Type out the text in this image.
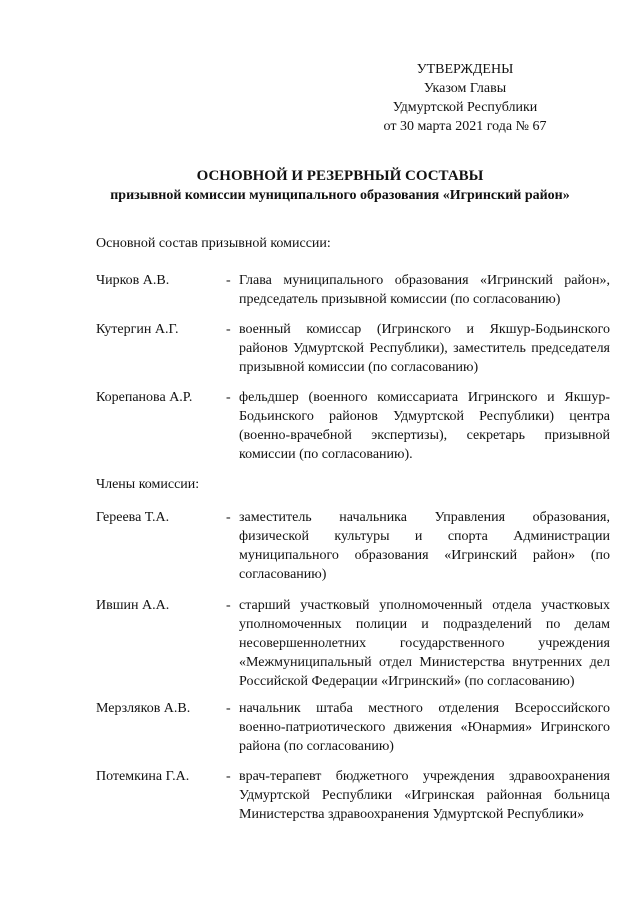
УТВЕРЖДЕНЫ
Указом Главы
Удмуртской Республики
от 30 марта 2021 года № 67
ОСНОВНОЙ И РЕЗЕРВНЫЙ СОСТАВЫ
призывной комиссии муниципального образования «Игринский район»
Основной состав призывной комиссии:
Чирков А.В.	- Глава муниципального образования «Игринский район», председатель призывной комиссии (по согласованию)
Кутергин А.Г.	- военный комиссар (Игринского и Якшур-Бодьинского районов Удмуртской Республики), заместитель председателя призывной комиссии (по согласованию)
Корепанова А.Р. - фельдшер (военного комиссариата Игринского и Якшур-Бодьинского районов Удмуртской Республики) центра (военно-врачебной экспертизы), секретарь призывной комиссии (по согласованию).
Члены комиссии:
Гереева Т.А.	- заместитель начальника Управления образования, физической культуры и спорта Администрации муниципального образования «Игринский район» (по согласованию)
Ившин А.А.	- старший участковый уполномоченный отдела участковых уполномоченных полиции и подразделений по делам несовершеннолетних государственного учреждения «Межмуниципальный отдел Министерства внутренних дел Российской Федерации «Игринский» (по согласованию)
Мерзляков А.В.	- начальник штаба местного отделения Всероссийского военно-патриотического движения «Юнармия» Игринского района (по согласованию)
Потемкина Г.А.	- врач-терапевт бюджетного учреждения здравоохранения Удмуртской Республики «Игринская районная больница Министерства здравоохранения Удмуртской Республики»
